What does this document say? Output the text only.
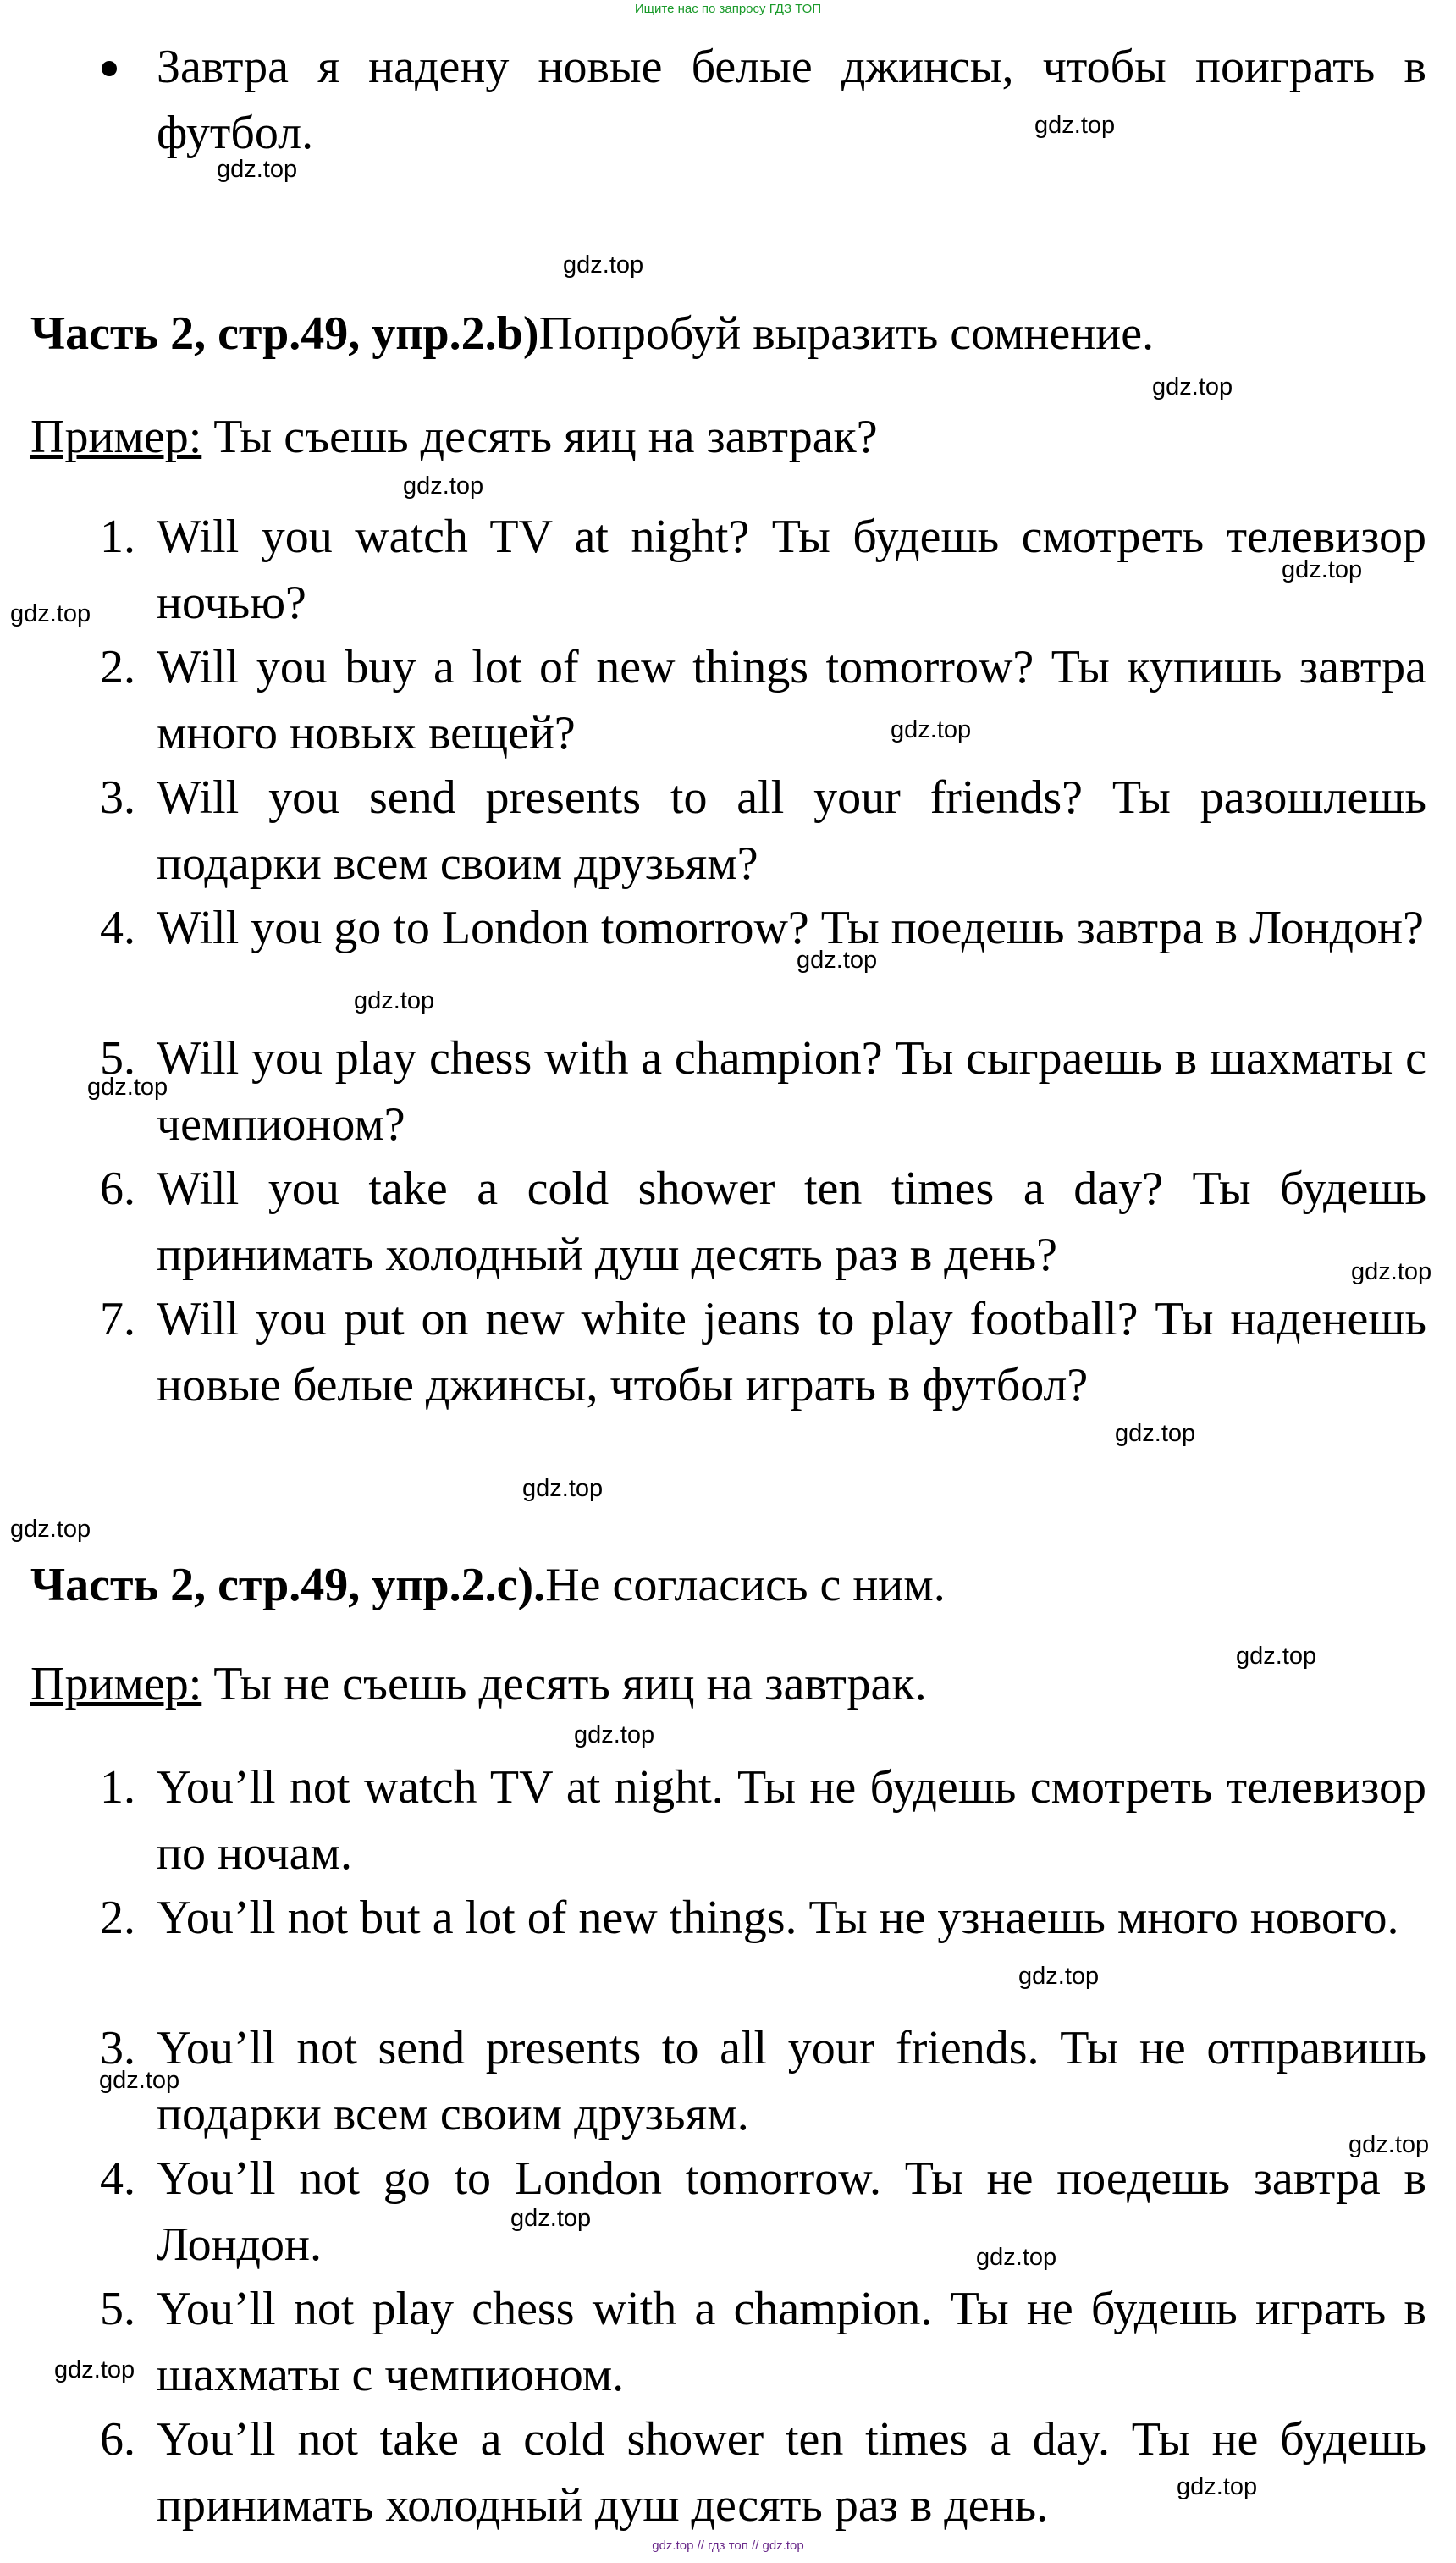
Ищите нас по запросу ГДЗ ТОП
Завтра я надену новые белые джинсы, чтобы поиграть в футбол.
Часть 2, стр.49, упр.2.b)Попробуй выразить сомнение.
Пример: Ты съешь десять яиц на завтрак?
1. Will you watch TV at night? Ты будешь смотреть телевизор ночью?
2. Will you buy a lot of new things tomorrow? Ты купишь завтра много новых вещей?
3. Will you send presents to all your friends? Ты разошлешь подарки всем своим друзьям?
4. Will you go to London tomorrow? Ты поедешь завтра в Лондон?
5. Will you play chess with a champion? Ты сыграешь в шахматы с чемпионом?
6. Will you take a cold shower ten times a day? Ты будешь принимать холодный душ десять раз в день?
7. Will you put on new white jeans to play football? Ты наденешь новые белые джинсы, чтобы играть в футбол?
Часть 2, стр.49, упр.2.c).Не согласись с ним.
Пример: Ты не съешь десять яиц на завтрак.
1. You’ll not watch TV at night. Ты не будешь смотреть телевизор по ночам.
2. You’ll not but a lot of new things. Ты не узнаешь много нового.
3. You’ll not send presents to all your friends. Ты не отправишь подарки всем своим друзьям.
4. You’ll not go to London tomorrow. Ты не поедешь завтра в Лондон.
5. You’ll not play chess with a champion. Ты не будешь играть в шахматы с чемпионом.
6. You’ll not take a cold shower ten times a day. Ты не будешь принимать холодный душ десять раз в день.
gdz.top
gdz.top
gdz.top
gdz.top
gdz.top
gdz.top
gdz.top
gdz.top
gdz.top
gdz.top
gdz.top
gdz.top
gdz.top
gdz.top
gdz.top
gdz.top
gdz.top
gdz.top
gdz.top
gdz.top
gdz.top
gdz.top
gdz.top
gdz.top
gdz.top // гдз топ // gdz.top
